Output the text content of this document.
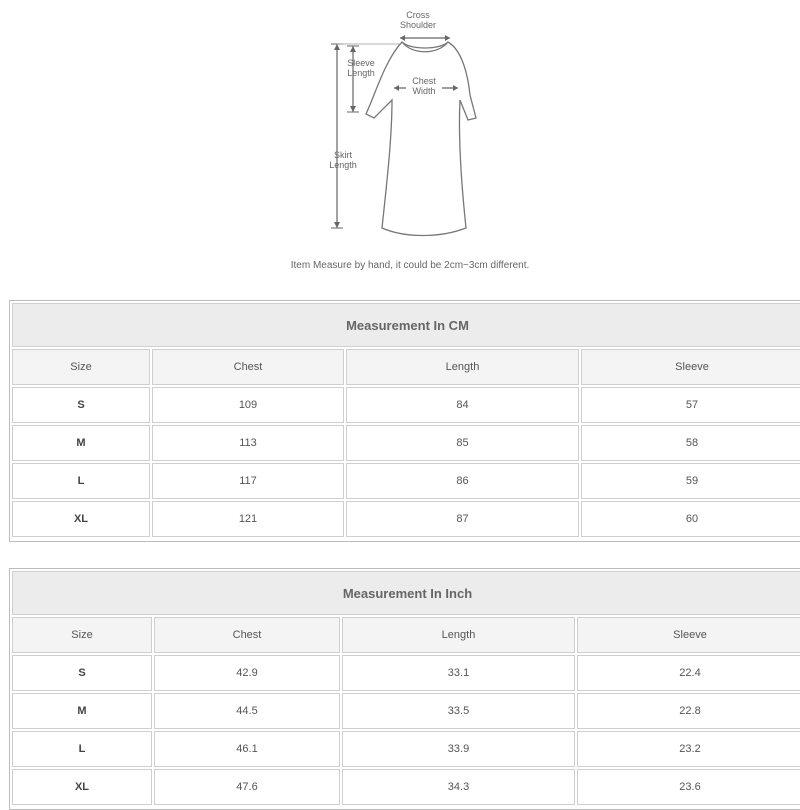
Cross
Shoulder
Sleeve
Length
Chest
Width
Skirt
Length
Item Measure by hand, it could be 2cm~3cm different.
Measurement In CM			
Size	Chest	Length	Sleeve
S	109	84	57
M	113	85	58
L	117	86	59
XL	121	87	60
Measurement In Inch			
Size	Chest	Length	Sleeve
S	42.9	33.1	22.4
M	44.5	33.5	22.8
L	46.1	33.9	23.2
XL	47.6	34.3	23.6
